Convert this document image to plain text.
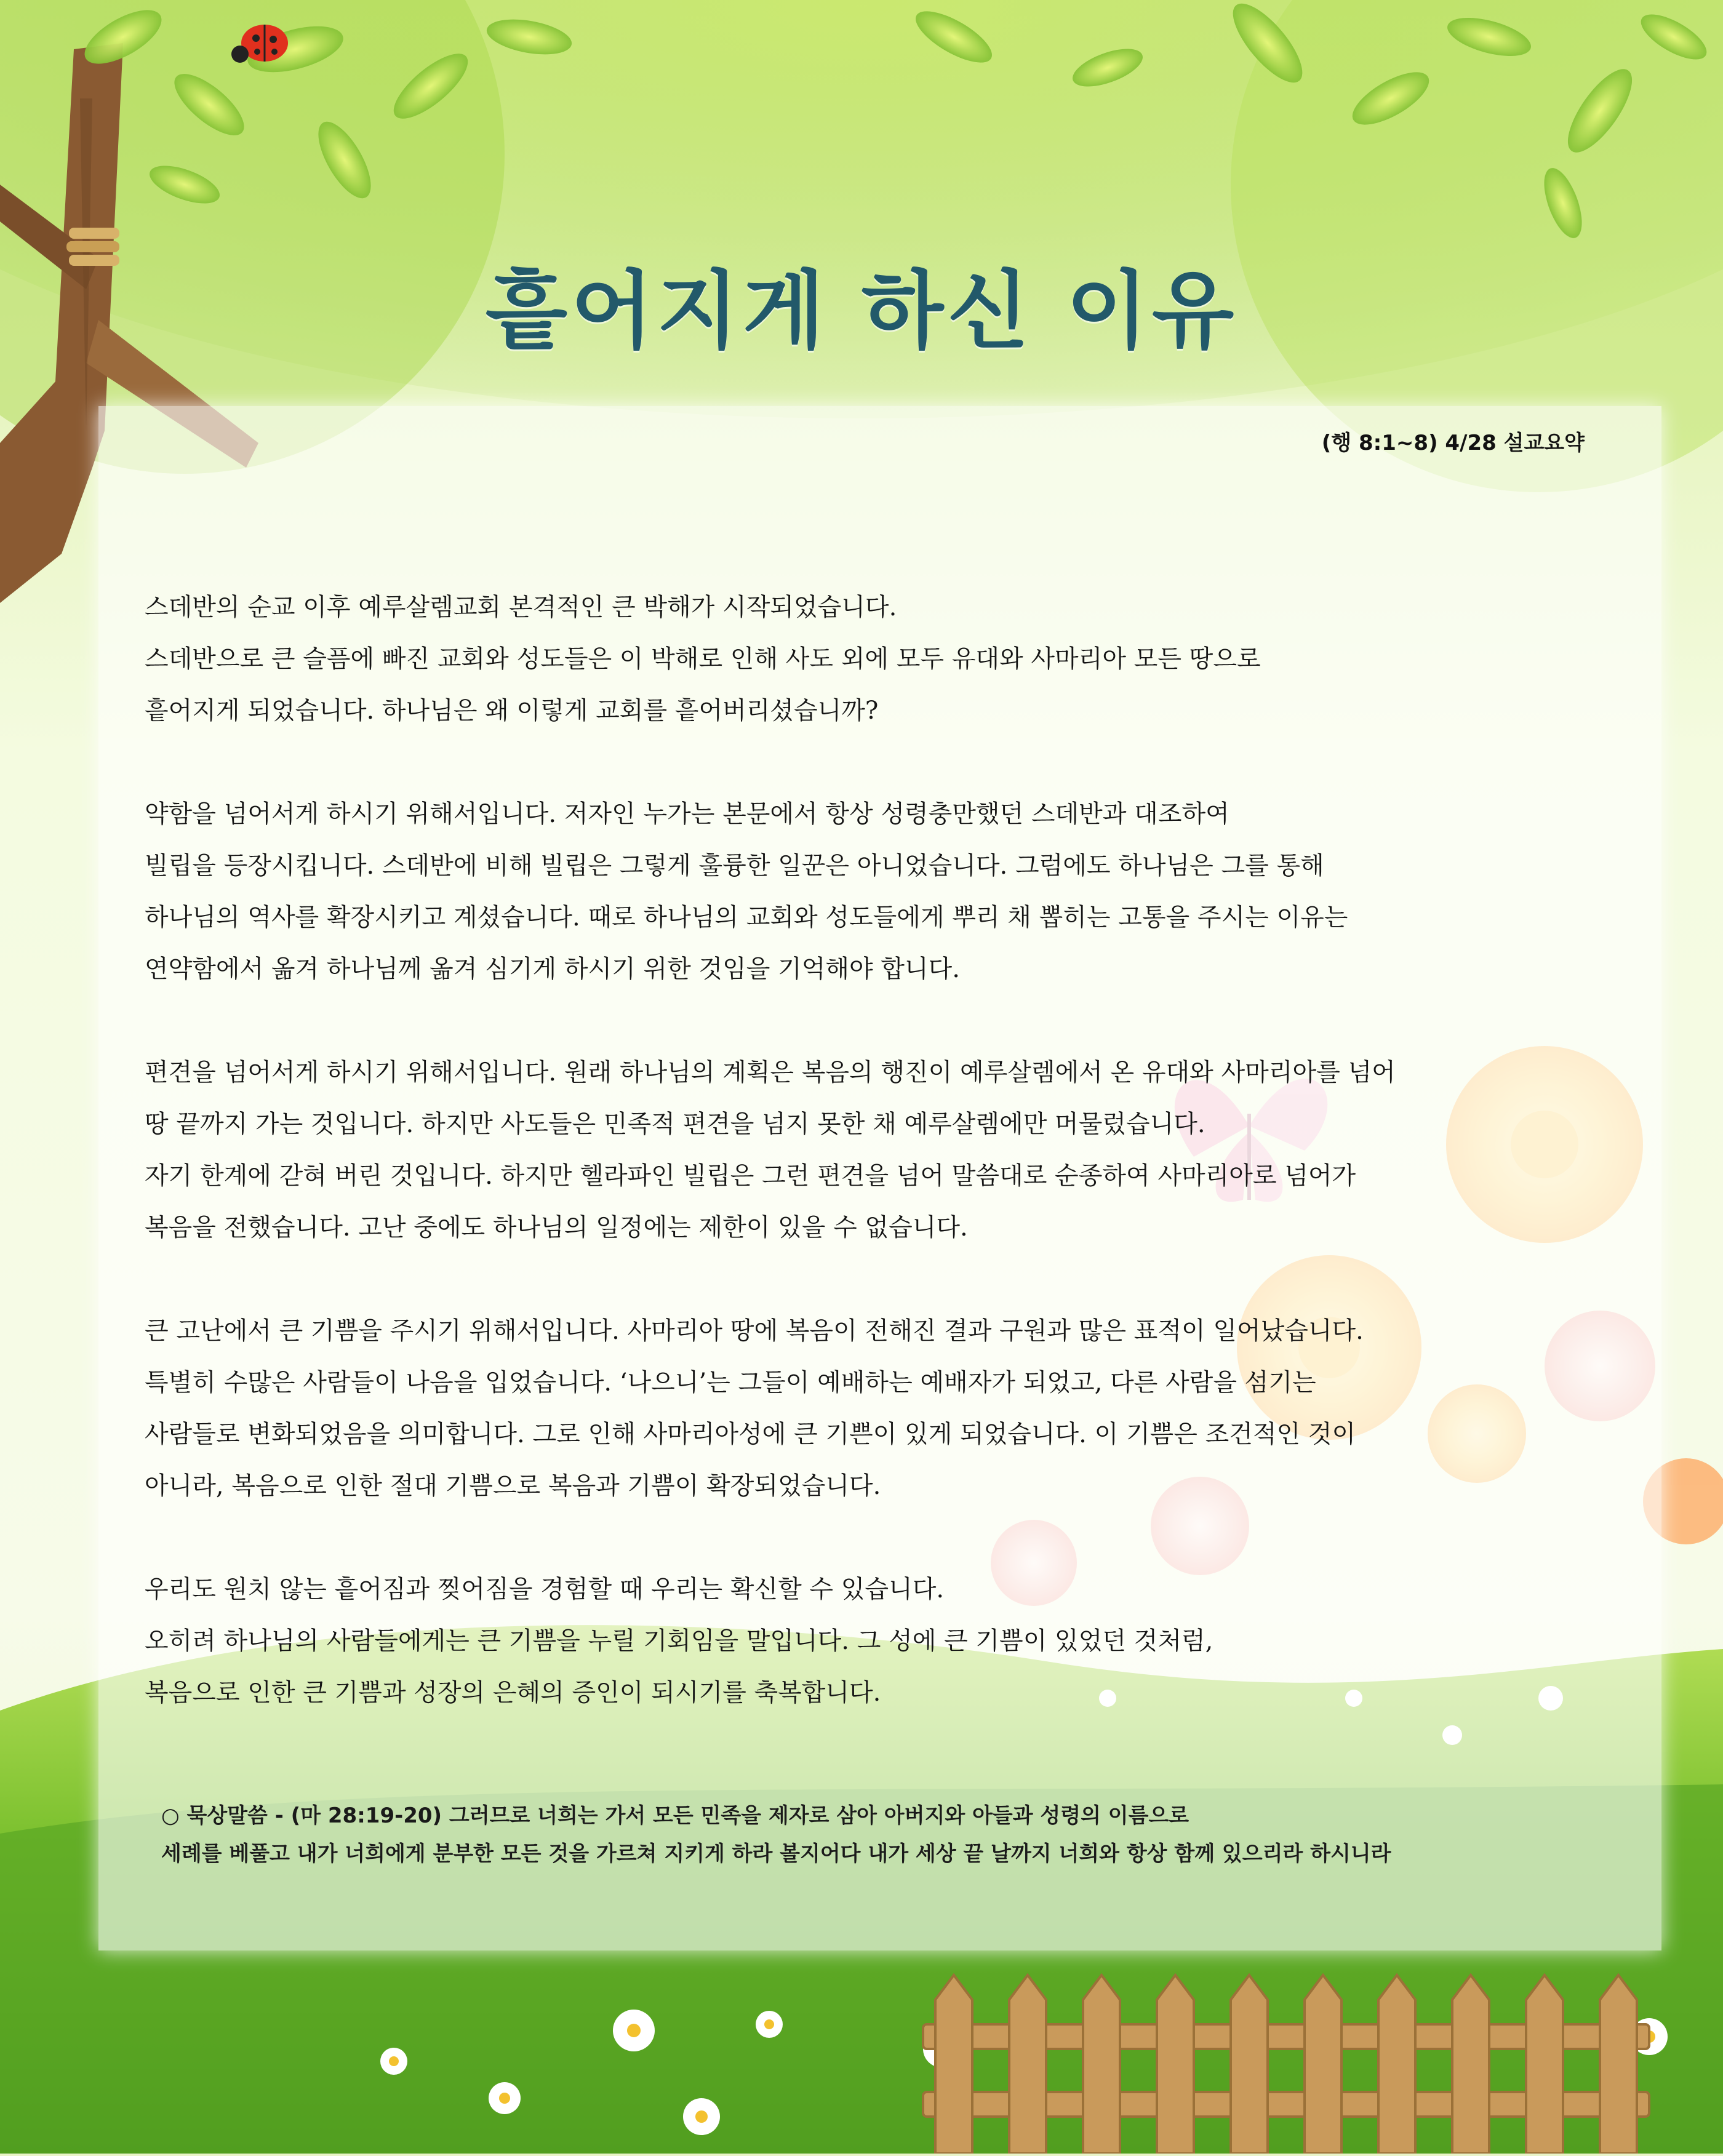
흩어지게 하신 이유

(행 8:1~8) 4/28 설교요약

스데반의 순교 이후 예루살렘교회 본격적인 큰 박해가 시작되었습니다.
스데반으로 큰 슬픔에 빠진 교회와 성도들은 이 박해로 인해 사도 외에 모두 유대와 사마리아 모든 땅으로
흩어지게 되었습니다. 하나님은 왜 이렇게 교회를 흩어버리셨습니까?

약함을 넘어서게 하시기 위해서입니다. 저자인 누가는 본문에서 항상 성령충만했던 스데반과 대조하여
빌립을 등장시킵니다. 스데반에 비해 빌립은 그렇게 훌륭한 일꾼은 아니었습니다. 그럼에도 하나님은 그를 통해
하나님의 역사를 확장시키고 계셨습니다. 때로 하나님의 교회와 성도들에게 뿌리 채 뽑히는 고통을 주시는 이유는
연약함에서 옮겨 하나님께 옮겨 심기게 하시기 위한 것임을 기억해야 합니다.

편견을 넘어서게 하시기 위해서입니다. 원래 하나님의 계획은 복음의 행진이 예루살렘에서 온 유대와 사마리아를 넘어
땅 끝까지 가는 것입니다. 하지만 사도들은 민족적 편견을 넘지 못한 채 예루살렘에만 머물렀습니다.
자기 한계에 갇혀 버린 것입니다. 하지만 헬라파인 빌립은 그런 편견을 넘어 말씀대로 순종하여 사마리아로 넘어가
복음을 전했습니다. 고난 중에도 하나님의 일정에는 제한이 있을 수 없습니다.

큰 고난에서 큰 기쁨을 주시기 위해서입니다. 사마리아 땅에 복음이 전해진 결과 구원과 많은 표적이 일어났습니다.
특별히 수많은 사람들이 나음을 입었습니다. ‘나으니’는 그들이 예배하는 예배자가 되었고, 다른 사람을 섬기는
사람들로 변화되었음을 의미합니다. 그로 인해 사마리아성에 큰 기쁜이 있게 되었습니다. 이 기쁨은 조건적인 것이
아니라, 복음으로 인한 절대 기쁨으로 복음과 기쁨이 확장되었습니다.

우리도 원치 않는 흩어짐과 찢어짐을 경험할 때 우리는 확신할 수 있습니다.
오히려 하나님의 사람들에게는 큰 기쁨을 누릴 기회임을 말입니다. 그 성에 큰 기쁨이 있었던 것처럼,
복음으로 인한 큰 기쁨과 성장의 은혜의 증인이 되시기를 축복합니다.

○ 묵상말씀 - (마 28:19-20) 그러므로 너희는 가서 모든 민족을 제자로 삼아 아버지와 아들과 성령의 이름으로
세례를 베풀고 내가 너희에게 분부한 모든 것을 가르쳐 지키게 하라 볼지어다 내가 세상 끝 날까지 너희와 항상 함께 있으리라 하시니라
